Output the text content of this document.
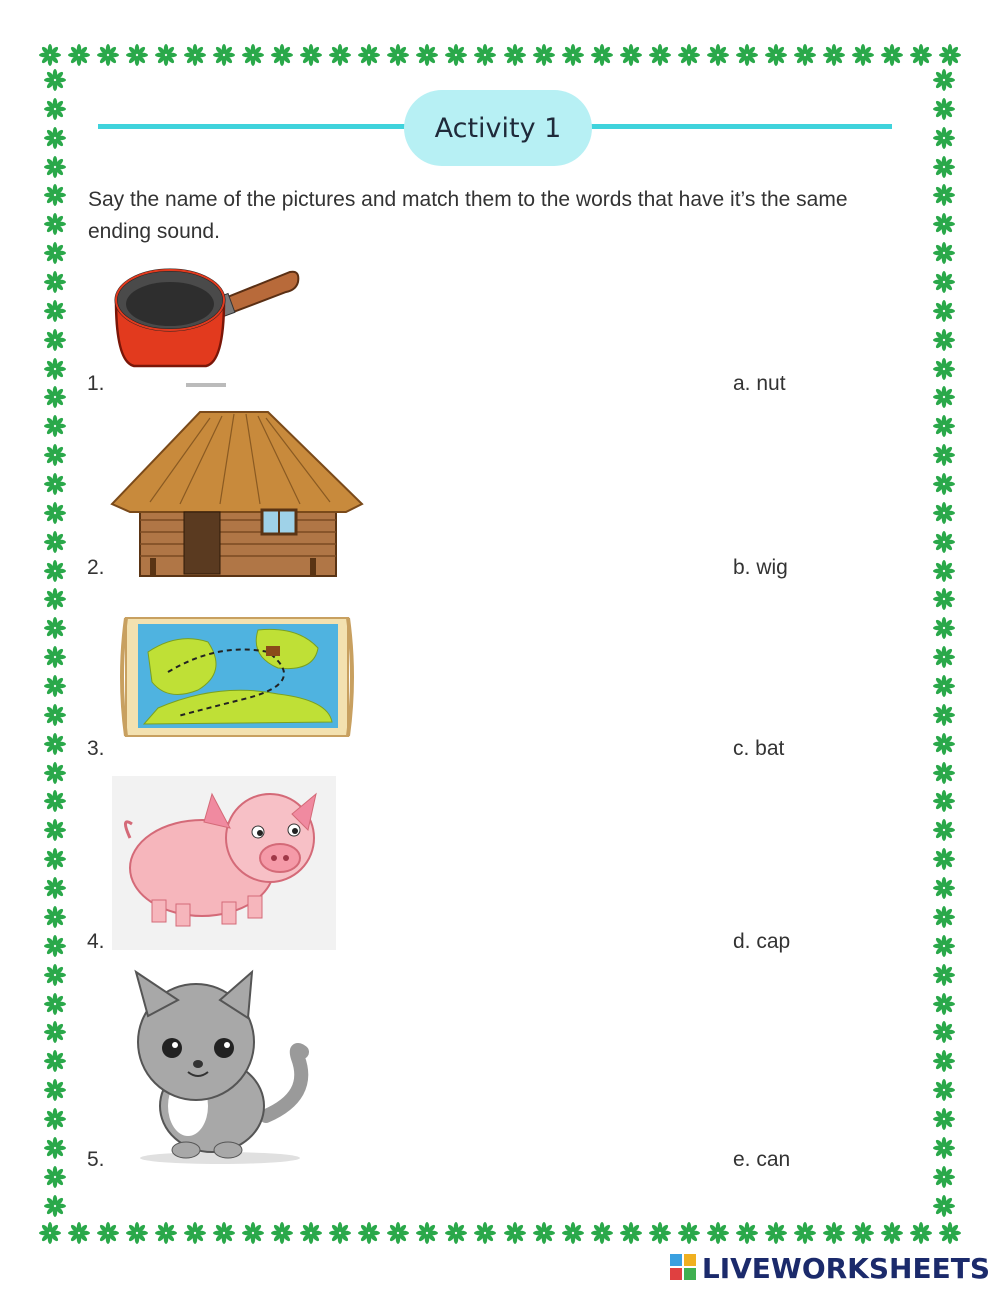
Activity 1
Say the name of the pictures and match them to the words that have it’s the same ending sound.
1.
2.
3.
4.
5.
a. nut
b. wig
c. bat
d. cap
e. can
LIVEWORKSHEETS
